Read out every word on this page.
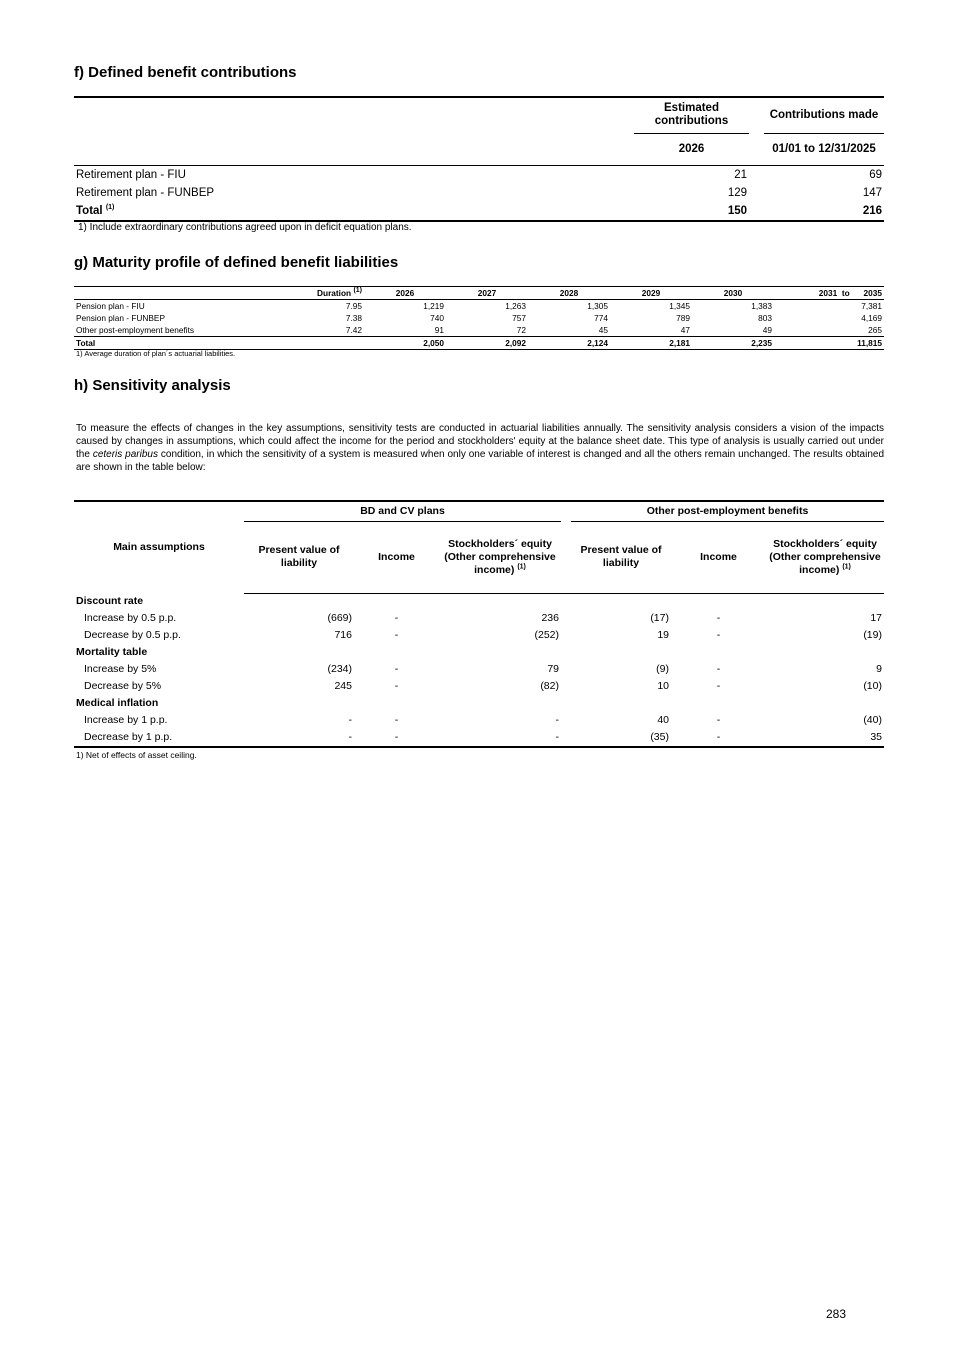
f) Defined benefit contributions
	Estimated contributions		Contributions made
	2026		01/01 to 12/31/2025
Retirement plan - FIU	21		69
Retirement plan - FUNBEP	129		147
Total $^{(1)}$	150		216
1) Include extraordinary contributions agreed upon in deficit equation plans.
g) Maturity profile of defined benefit liabilities
	Duration $^{(1)}$	2026	2027	2028	2029	2030	2031 to 2035
Pension plan - FIU	7.95	1,219	1,263	1,305	1,345	1,383	7,381
Pension plan - FUNBEP	7.38	740	757	774	789	803	4,169
Other post-employment benefits	7.42	91	72	45	47	49	265
Total		2,050	2,092	2,124	2,181	2,235	11,815
1) Average duration of plan´s actuarial liabilities.
h) Sensitivity analysis
To measure the effects of changes in the key assumptions, sensitivity tests are conducted in actuarial liabilities annually. The sensitivity analysis considers a vision of the impacts caused by changes in assumptions, which could affect the income for the period and stockholders' equity at the balance sheet date. This type of analysis is usually carried out under the ceteris paribus condition, in which the sensitivity of a system is measured when only one variable of interest is changed and all the others remain unchanged. The results obtained are shown in the table below:
Main assumptions	BD and CV plans				Other post-employment benefits		
	Present value of liability	Income	Stockholders´ equity (Other comprehensive income) $^{(1)}$		Present value of liability	Income	Stockholders´ equity (Other comprehensive income) $^{(1)}$
Discount rate							
Increase by 0.5 p.p.	(669)	-	236		(17)	-	17
Decrease by 0.5 p.p.	716	-	(252)		19	-	(19)
Mortality table							
Increase by 5%	(234)	-	79		(9)	-	9
Decrease by 5%	245	-	(82)		10	-	(10)
Medical inflation							
Increase by 1 p.p.	-	-	-		40	-	(40)
Decrease by 1 p.p.	-	-	-		(35)	-	35
1) Net of effects of asset ceiling.
283
